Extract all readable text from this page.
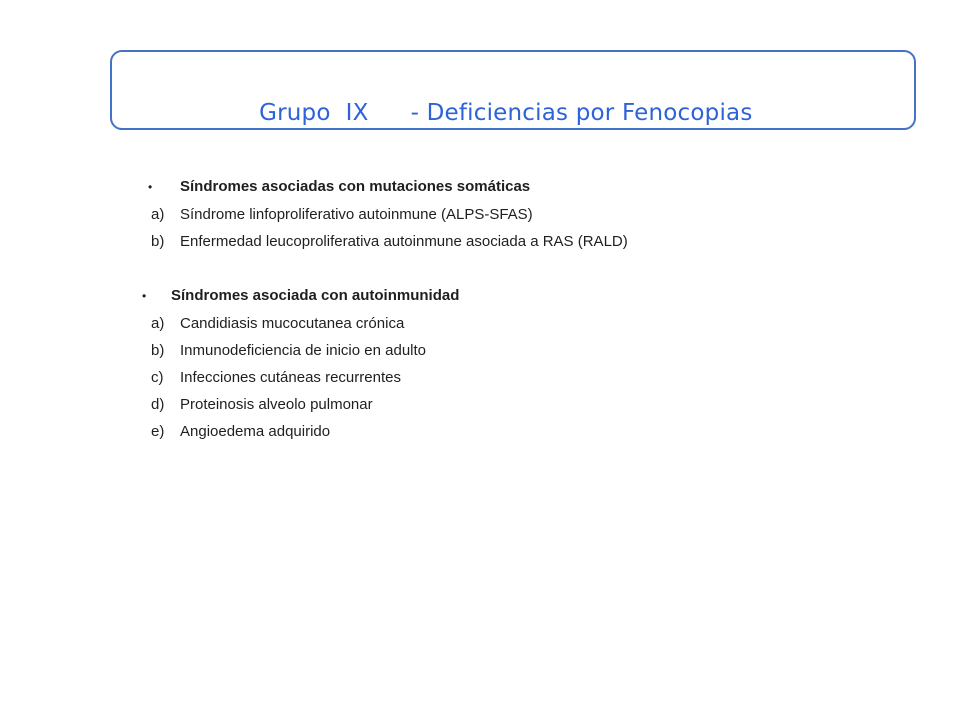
Grupo  IX - Deficiencias por Fenocopias

• Síndromes asociadas con mutaciones somáticas
a) Síndrome linfoproliferativo autoinmune (ALPS-SFAS)
b) Enfermedad leucoproliferativa autoinmune asociada a RAS (RALD)
• Síndromes asociada con autoinmunidad
a) Candidiasis mucocutanea crónica
b) Inmunodeficiencia de inicio en adulto
c) Infecciones cutáneas recurrentes
d) Proteinosis alveolo pulmonar
e) Angioedema adquirido
